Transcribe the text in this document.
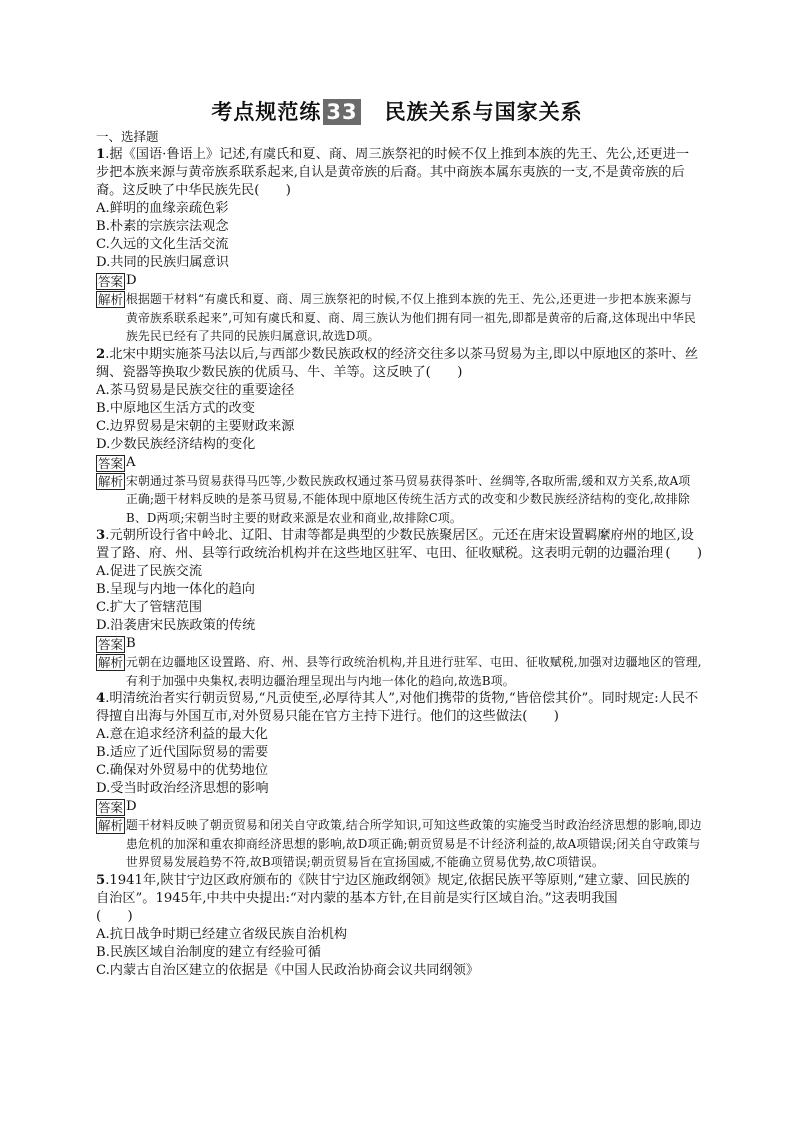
考点规范练 33 民族关系与国家关系
一、选择题

1.据《国语·鲁语上》记述,有虞氏和夏、商、周三族祭祀的时候不仅上推到本族的先王、先公,还更进一步把本族来源与黄帝族系联系起来,自认是黄帝族的后裔。其中商族本属东夷族的一支,不是黄帝族的后裔。这反映了中华民族先民(　　)

A.鲜明的血缘亲疏色彩

B.朴素的宗族宗法观念

C.久远的文化生活交流

D.共同的民族归属意识

答案 D
解析 根据题干材料“有虞氏和夏、商、周三族祭祀的时候,不仅上推到本族的先王、先公,还更进一步把本族来源与黄帝族系联系起来”,可知有虞氏和夏、商、周三族认为他们拥有同一祖先,即都是黄帝的后裔,这体现出中华民族先民已经有了共同的民族归属意识,故选D项。

2.北宋中期实施茶马法以后,与西部少数民族政权的经济交往多以茶马贸易为主,即以中原地区的茶叶、丝绸、瓷器等换取少数民族的优质马、牛、羊等。这反映了(　　)

A.茶马贸易是民族交往的重要途径

B.中原地区生活方式的改变

C.边界贸易是宋朝的主要财政来源

D.少数民族经济结构的变化

答案 A
解析 宋朝通过茶马贸易获得马匹等,少数民族政权通过茶马贸易获得茶叶、丝绸等,各取所需,缓和双方关系,故A项正确;题干材料反映的是茶马贸易,不能体现中原地区传统生活方式的改变和少数民族经济结构的变化,故排除B、D两项;宋朝当时主要的财政来源是农业和商业,故排除C项。

3.元朝所设行省中岭北、辽阳、甘肃等都是典型的少数民族聚居区。元还在唐宋设置羁縻府州的地区,设置了路、府、州、县等行政统治机构并在这些地区驻军、屯田、征收赋税。这表明元朝的边疆治理 (　　)

A.促进了民族交流

B.呈现与内地一体化的趋向

C.扩大了管辖范围

D.沿袭唐宋民族政策的传统

答案 B
解析 元朝在边疆地区设置路、府、州、县等行政统治机构,并且进行驻军、屯田、征收赋税,加强对边疆地区的管理,有利于加强中央集权,表明边疆治理呈现出与内地一体化的趋向,故选B项。

4.明清统治者实行朝贡贸易,“凡贡使至,必厚待其人”,对他们携带的货物,“皆倍偿其价”。同时规定:人民不得擅自出海与外国互市,对外贸易只能在官方主持下进行。他们的这些做法(　　)

A.意在追求经济利益的最大化

B.适应了近代国际贸易的需要

C.确保对外贸易中的优势地位

D.受当时政治经济思想的影响

答案 D
解析 题干材料反映了朝贡贸易和闭关自守政策,结合所学知识,可知这些政策的实施受当时政治经济思想的影响,即边患危机的加深和重农抑商经济思想的影响,故D项正确;朝贡贸易是不计经济利益的,故A项错误;闭关自守政策与世界贸易发展趋势不符,故B项错误;朝贡贸易旨在宣扬国威,不能确立贸易优势,故C项错误。

5.1941年,陕甘宁边区政府颁布的《陕甘宁边区施政纲领》规定,依据民族平等原则,“建立蒙、回民族的自治区”。1945年,中共中央提出:“对内蒙的基本方针,在目前是实行区域自治。”这表明我国

(　　)

A.抗日战争时期已经建立省级民族自治机构

B.民族区域自治制度的建立有经验可循

C.内蒙古自治区建立的依据是《中国人民政治协商会议共同纲领》
